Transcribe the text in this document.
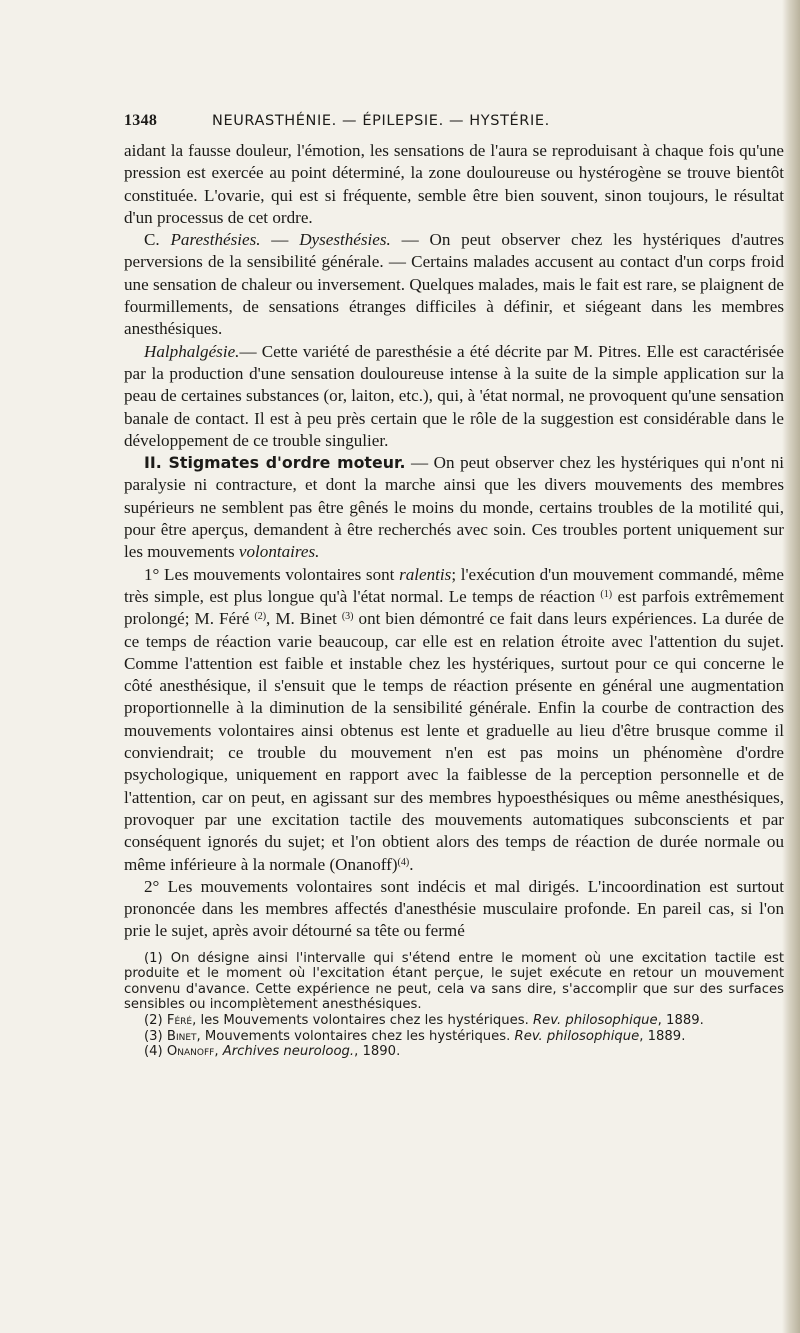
1348	NEURASTHÉNIE. — ÉPILEPSIE. — HYSTÉRIE.

aidant la fausse douleur, l'émotion, les sensations de l'aura se reproduisant à chaque fois qu'une pression est exercée au point déterminé, la zone douloureuse ou hystérogène se trouve bientôt constituée. L'ovarie, qui est si fréquente, semble être bien souvent, sinon toujours, le résultat d'un processus de cet ordre.

C. Paresthésies. — Dysesthésies. — On peut observer chez les hystériques d'autres perversions de la sensibilité générale. — Certains malades accusent au contact d'un corps froid une sensation de chaleur ou inversement. Quelques malades, mais le fait est rare, se plaignent de fourmillements, de sensations étranges difficiles à définir, et siégeant dans les membres anesthésiques.

Halphalgésie.— Cette variété de paresthésie a été décrite par M. Pitres. Elle est caractérisée par la production d'une sensation douloureuse intense à la suite de la simple application sur la peau de certaines substances (or, laiton, etc.), qui, à 'état normal, ne provoquent qu'une sensation banale de contact. Il est à peu près certain que le rôle de la suggestion est considérable dans le développement de ce trouble singulier.

II. Stigmates d'ordre moteur. — On peut observer chez les hystériques qui n'ont ni paralysie ni contracture, et dont la marche ainsi que les divers mouvements des membres supérieurs ne semblent pas être gênés le moins du monde, certains troubles de la motilité qui, pour être aperçus, demandent à être recherchés avec soin. Ces troubles portent uniquement sur les mouvements volontaires.

1° Les mouvements volontaires sont ralentis; l'exécution d'un mouvement commandé, même très simple, est plus longue qu'à l'état normal. Le temps de réaction $^{(1)}$ est parfois extrêmement prolongé; M. Féré $^{(2)}$, M. Binet $^{(3)}$ ont bien démontré ce fait dans leurs expériences. La durée de ce temps de réaction varie beaucoup, car elle est en relation étroite avec l'attention du sujet. Comme l'attention est faible et instable chez les hystériques, surtout pour ce qui concerne le côté anesthésique, il s'ensuit que le temps de réaction présente en général une augmentation proportionnelle à la diminution de la sensibilité générale. Enfin la courbe de contraction des mouvements volontaires ainsi obtenus est lente et graduelle au lieu d'être brusque comme il conviendrait; ce trouble du mouvement n'en est pas moins un phénomène d'ordre psychologique, uniquement en rapport avec la faiblesse de la perception personnelle et de l'attention, car on peut, en agissant sur des membres hypoesthésiques ou même anesthésiques, provoquer par une excitation tactile des mouvements automatiques subconscients et par conséquent ignorés du sujet; et l'on obtient alors des temps de réaction de durée normale ou même inférieure à la normale (Onanoff)$^{(4)}$.

2° Les mouvements volontaires sont indécis et mal dirigés. L'incoordination est surtout prononcée dans les membres affectés d'anesthésie musculaire profonde. En pareil cas, si l'on prie le sujet, après avoir détourné sa tête ou fermé

(1) On désigne ainsi l'intervalle qui s'étend entre le moment où une excitation tactile est produite et le moment où l'excitation étant perçue, le sujet exécute en retour un mouvement convenu d'avance. Cette expérience ne peut, cela va sans dire, s'accomplir que sur des surfaces sensibles ou incomplètement anesthésiques.

(2) Féré, les Mouvements volontaires chez les hystériques. Rev. philosophique, 1889.

(3) Binet, Mouvements volontaires chez les hystériques. Rev. philosophique, 1889.

(4) Onanoff, Archives neuroloog., 1890.
